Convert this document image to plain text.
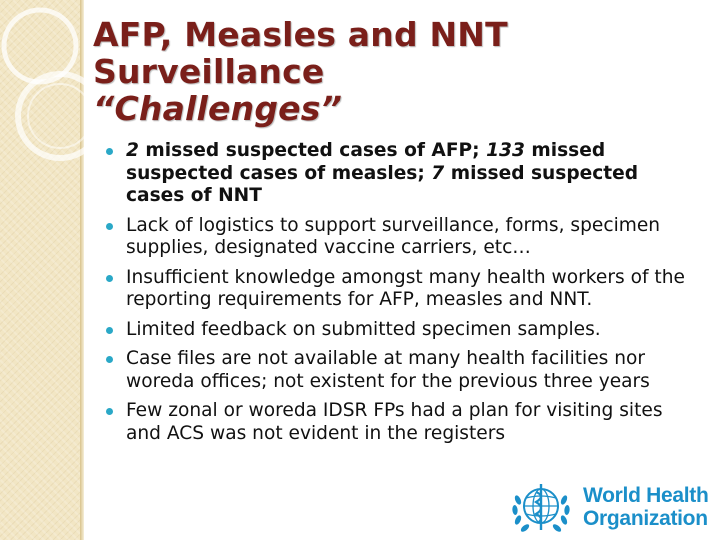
AFP, Measles and NNT Surveillance
“Challenges”
2 missed suspected cases of AFP; 133 missed suspected cases of measles; 7 missed suspected cases of NNT
Lack of logistics to support surveillance, forms, specimen supplies, designated vaccine carriers, etc…
Insufficient knowledge amongst many health workers of the reporting requirements for AFP, measles and NNT.
Limited feedback on submitted specimen samples.
Case files are not available at many health facilities nor woreda offices; not existent for the previous three years
Few zonal or woreda IDSR FPs had a plan for visiting sites and ACS was not evident in the registers
World Health
Organization
